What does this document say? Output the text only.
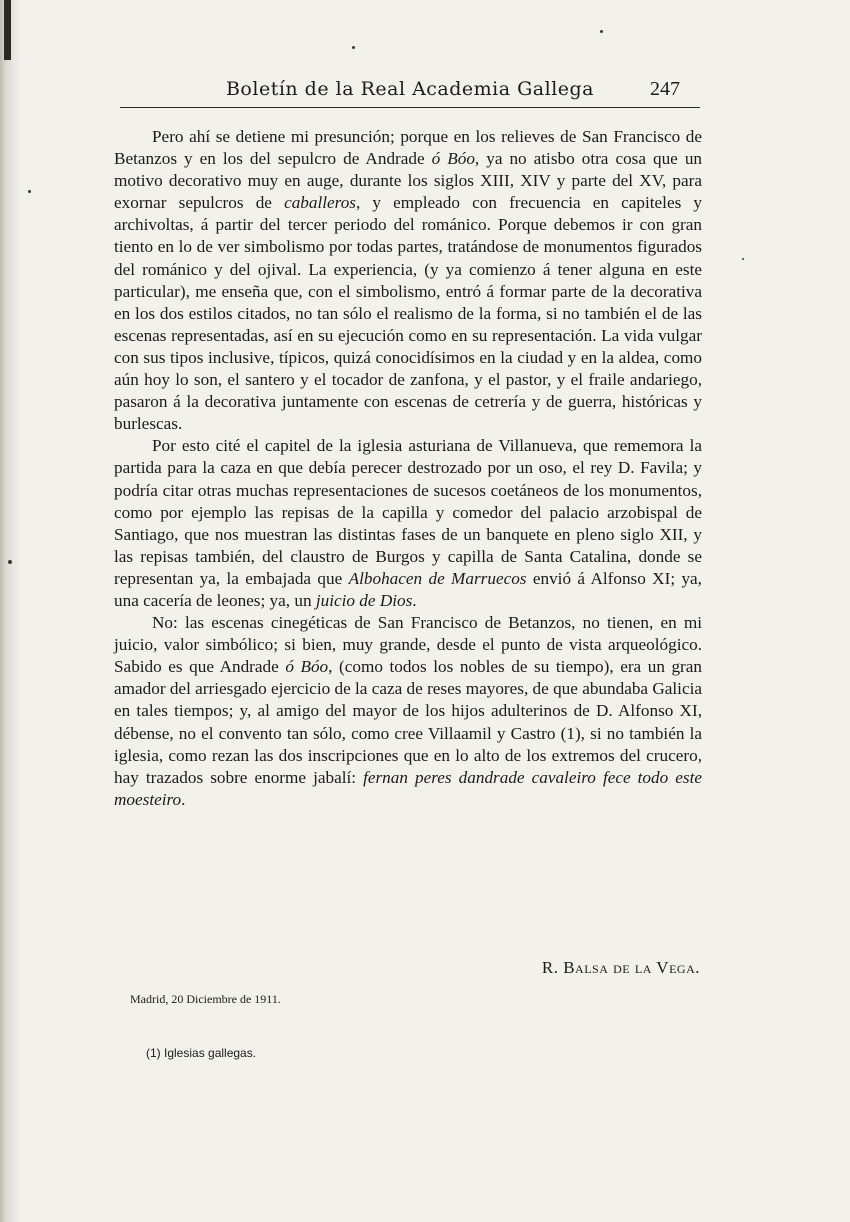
Boletín de la Real Academia Gallega	247

Pero ahí se detiene mi presunción; porque en los relieves de San Francisco de Betanzos y en los del sepulcro de Andrade ó Bóo, ya no atisbo otra cosa que un motivo decorativo muy en auge, durante los siglos XIII, XIV y parte del XV, para exornar sepulcros de caballeros, y empleado con frecuencia en capiteles y archivoltas, á partir del tercer periodo del románico. Porque debemos ir con gran tiento en lo de ver simbolismo por todas partes, tratándose de monumentos figurados del románico y del ojival. La experiencia, (y ya comienzo á tener alguna en este particular), me enseña que, con el simbolismo, entró á formar parte de la decorativa en los dos estilos citados, no tan sólo el realismo de la forma, si no también el de las escenas representadas, así en su ejecución como en su representación. La vida vulgar con sus tipos inclusive, típicos, quizá conocidísimos en la ciudad y en la aldea, como aún hoy lo son, el santero y el tocador de zanfona, y el pastor, y el fraile andariego, pasaron á la decorativa juntamente con escenas de cetrería y de guerra, históricas y burlescas.

Por esto cité el capitel de la iglesia asturiana de Villanueva, que rememora la partida para la caza en que debía perecer destrozado por un oso, el rey D. Favila; y podría citar otras muchas representaciones de sucesos coetáneos de los monumentos, como por ejemplo las repisas de la capilla y comedor del palacio arzobispal de Santiago, que nos muestran las distintas fases de un banquete en pleno siglo XII, y las repisas también, del claustro de Burgos y capilla de Santa Catalina, donde se representan ya, la embajada que Albohacen de Marruecos envió á Alfonso XI; ya, una cacería de leones; ya, un juicio de Dios.

No: las escenas cinegéticas de San Francisco de Betanzos, no tienen, en mi juicio, valor simbólico; si bien, muy grande, desde el punto de vista arqueológico. Sabido es que Andrade ó Bóo, (como todos los nobles de su tiempo), era un gran amador del arriesgado ejercicio de la caza de reses mayores, de que abundaba Galicia en tales tiempos; y, al amigo del mayor de los hijos adulterinos de D. Alfonso XI, débense, no el convento tan sólo, como cree Villaamil y Castro (1), si no también la iglesia, como rezan las dos inscripciones que en lo alto de los extremos del crucero, hay trazados sobre enorme jabalí: fernan peres dandrade cavaleiro fece todo este moesteiro.

R. Balsa de la Vega.
Madrid, 20 Diciembre de 1911.
(1) Iglesias gallegas.
